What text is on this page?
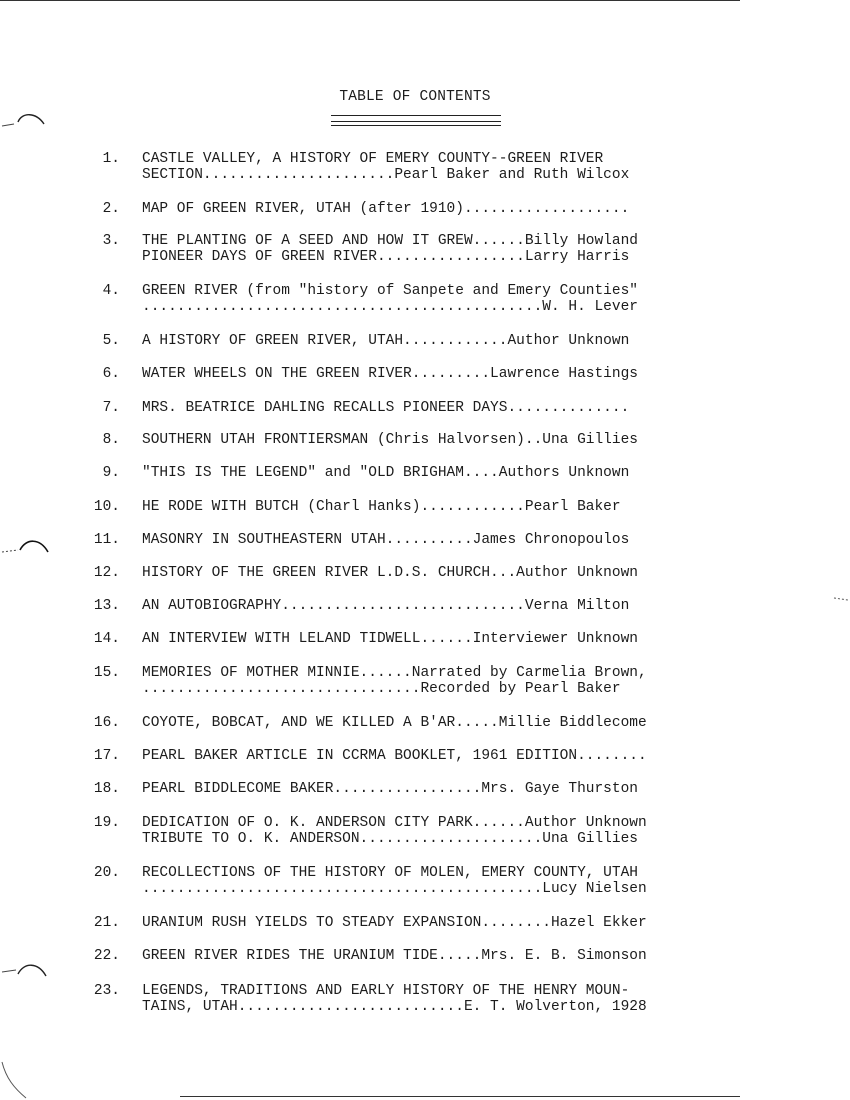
TABLE OF CONTENTS
1. CASTLE VALLEY, A HISTORY OF EMERY COUNTY--GREEN RIVER
SECTION......................Pearl Baker and Ruth Wilcox
2. MAP OF GREEN RIVER, UTAH (after 1910)...................
3. THE PLANTING OF A SEED AND HOW IT GREW......Billy Howland
PIONEER DAYS OF GREEN RIVER.................Larry Harris
4. GREEN RIVER (from "history of Sanpete and Emery Counties"
..............................................W. H. Lever
5. A HISTORY OF GREEN RIVER, UTAH............Author Unknown
6. WATER WHEELS ON THE GREEN RIVER.........Lawrence Hastings
7. MRS. BEATRICE DAHLING RECALLS PIONEER DAYS..............
8. SOUTHERN UTAH FRONTIERSMAN (Chris Halvorsen)..Una Gillies
9. "THIS IS THE LEGEND" and "OLD BRIGHAM....Authors Unknown
10. HE RODE WITH BUTCH (Charl Hanks)............Pearl Baker
11. MASONRY IN SOUTHEASTERN UTAH..........James Chronopoulos
12. HISTORY OF THE GREEN RIVER L.D.S. CHURCH...Author Unknown
13. AN AUTOBIOGRAPHY............................Verna Milton
14. AN INTERVIEW WITH LELAND TIDWELL......Interviewer Unknown
15. MEMORIES OF MOTHER MINNIE......Narrated by Carmelia Brown,
................................Recorded by Pearl Baker
16. COYOTE, BOBCAT, AND WE KILLED A B'AR.....Millie Biddlecome
17. PEARL BAKER ARTICLE IN CCRMA BOOKLET, 1961 EDITION........
18. PEARL BIDDLECOME BAKER.................Mrs. Gaye Thurston
19. DEDICATION OF O. K. ANDERSON CITY PARK......Author Unknown
TRIBUTE TO O. K. ANDERSON.....................Una Gillies
20. RECOLLECTIONS OF THE HISTORY OF MOLEN, EMERY COUNTY, UTAH
..............................................Lucy Nielsen
21. URANIUM RUSH YIELDS TO STEADY EXPANSION........Hazel Ekker
22. GREEN RIVER RIDES THE URANIUM TIDE.....Mrs. E. B. Simonson
23. LEGENDS, TRADITIONS AND EARLY HISTORY OF THE HENRY MOUN-
TAINS, UTAH..........................E. T. Wolverton, 1928
